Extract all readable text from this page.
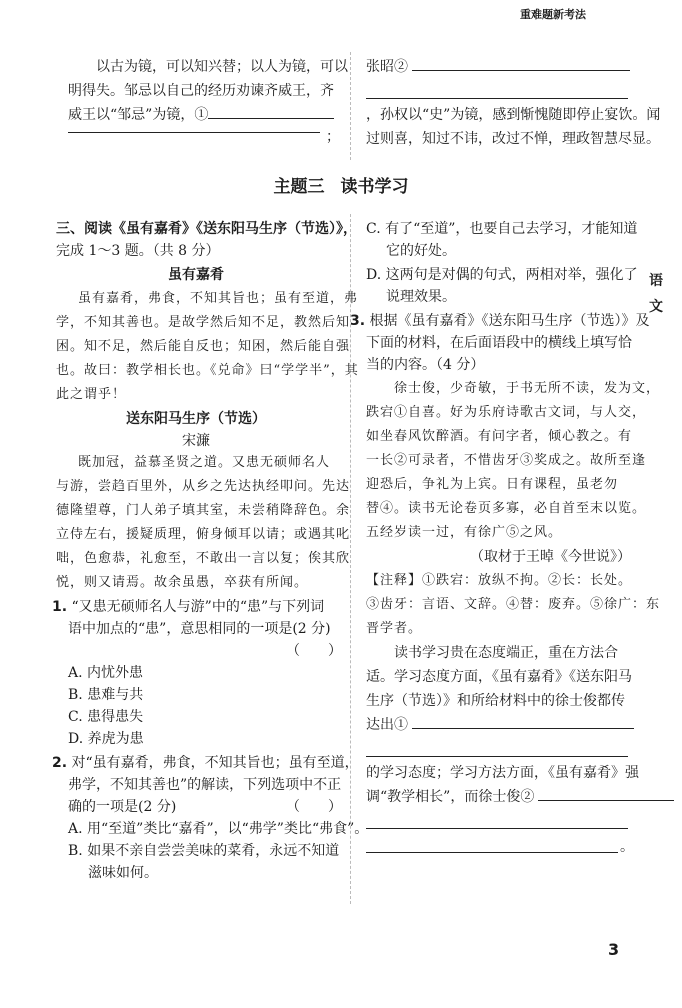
重难题新考法
以古为镜，可以知兴替；以人为镜，可以
明得失。邹忌以自己的经历劝谏齐威王，齐
威王以“邹忌”为镜，①
；
张昭②
，孙权以“史”为镜，感到惭愧随即停止宴饮。闻
过则喜，知过不讳，改过不惮，理政智慧尽显。
主题三 读书学习
三、阅读《虽有嘉肴》《送东阳马生序（节选）》，
完成 1～3 题。（共 8 分）
虽有嘉肴
虽有嘉肴，弗食，不知其旨也；虽有至道，弗
学，不知其善也。是故学然后知不足，教然后知
困。知不足，然后能自反也；知困，然后能自强
也。故曰：教学相长也。《兑命》曰“学学半”，其
此之谓乎！
送东阳马生序（节选）
宋濂
既加冠，益慕圣贤之道。又患无硕师名人
与游，尝趋百里外，从乡之先达执经叩问。先达
德隆望尊，门人弟子填其室，未尝稍降辞色。余
立侍左右，援疑质理，俯身倾耳以请；或遇其叱
咄，色愈恭，礼愈至，不敢出一言以复；俟其欣
悦，则又请焉。故余虽愚，卒获有所闻。
1. “又患无硕师名人与游”中的“患”与下列词
语中加点的“患”，意思相同的一项是(2 分)
（　　）
A. 内忧外患
B. 患难与共
C. 患得患失
D. 养虎为患
2. 对“虽有嘉肴，弗食，不知其旨也；虽有至道，
弗学，不知其善也”的解读，下列选项中不正
确的一项是(2 分)	（　　）
A. 用“至道”类比“嘉肴”，以“弗学”类比“弗食”。
B. 如果不亲自尝尝美味的菜肴，永远不知道
滋味如何。
C. 有了“至道”，也要自己去学习，才能知道
它的好处。
D. 这两句是对偶的句式，两相对举，强化了
说理效果。
3. 根据《虽有嘉肴》《送东阳马生序（节选）》及
下面的材料，在后面语段中的横线上填写恰
当的内容。（4 分）
徐士俊，少奇敏，于书无所不读，发为文，
跌宕①自喜。好为乐府诗歌古文词，与人交，
如坐春风饮醉酒。有问字者，倾心教之。有
一长②可录者，不惜齿牙③奖成之。故所至逢
迎恐后，争礼为上宾。日有课程，虽老勿
替④。读书无论卷页多寡，必自首至末以览。
五经岁读一过，有徐广⑤之风。
（取材于王晫《今世说》）
【注释】①跌宕：放纵不拘。②长：长处。
③齿牙：言语、文辞。④替：废弃。⑤徐广：东
晋学者。
读书学习贵在态度端正，重在方法合
适。学习态度方面，《虽有嘉肴》《送东阳马
生序（节选）》和所给材料中的徐士俊都传
达出①
的学习态度；学习方法方面，《虽有嘉肴》强
调“教学相长”，而徐士俊②
。
语
文
3
